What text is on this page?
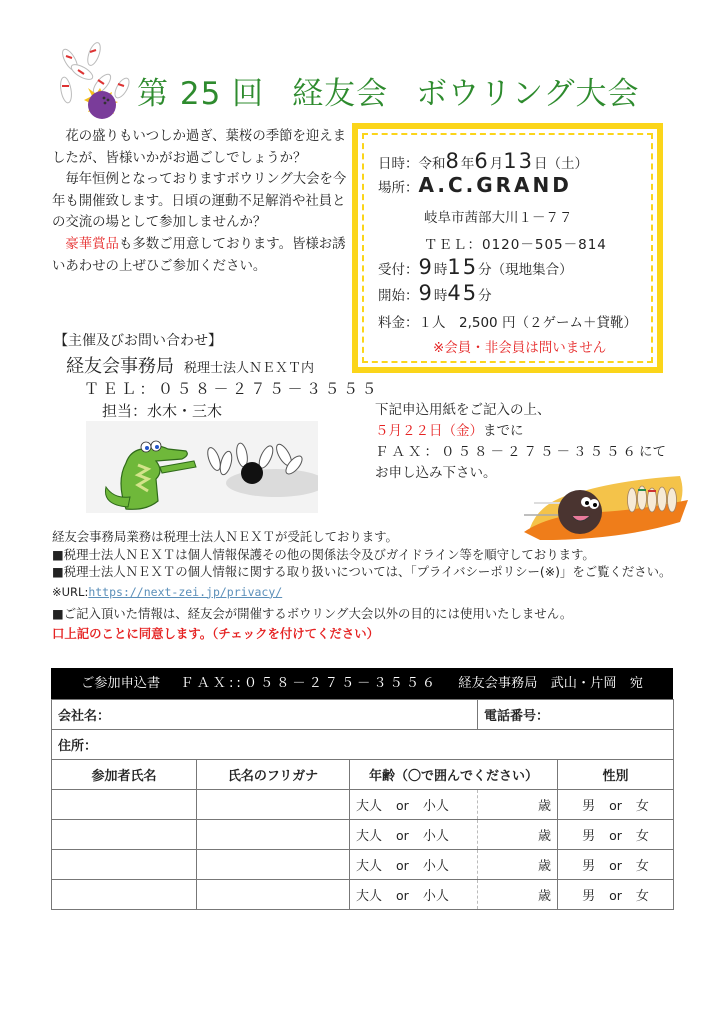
第 25 回 経友会 ボウリング大会

花の盛りもいつしか過ぎ、葉桜の季節を迎えましたが、皆様いかがお過ごしでしょうか？

毎年恒例となっておりますボウリング大会を今年も開催致します。日頃の運動不足解消や社員との交流の場として参加しませんか？

豪華賞品も多数ご用意しております。皆様お誘いあわせの上ぜひご参加ください。

日時：令和8年6月13日（土）
場所：A.C.GRAND
岐阜市茜部大川１－７７
ＴＥＬ：0120－505－814
受付：9時15分（現地集合）
開始：9時45分
料金：１人　2,500 円（２ゲーム＋貸靴）
※会員・非会員は問いません
【主催及びお問い合わせ】
経友会事務局 税理士法人ＮＥＸＴ内
ＴＥＬ：０５８－２７５－３５５５
担当：水木・三木	下記申込用紙をご記入の上、
５月２２日（金）までに
ＦＡＸ：０５８－２７５－３５５６にて
お申し込み下さい。
経友会事務局業務は税理士法人ＮＥＸＴが受託しております。
■税理士法人ＮＥＸＴは個人情報保護その他の関係法令及びガイドライン等を順守しております。
■税理士法人ＮＥＸＴの個人情報に関する取り扱いについては、「プライバシーポリシー(※)」をご覧ください。
※URL:https://next-zei.jp/privacy/
■ご記入頂いた情報は、経友会が開催するボウリング大会以外の目的には使用いたしません。
口上記のことに同意します。（チェックを付けてください）
ご参加申込書 ＦＡＸ::０５８－２７５－３５５６ 経友会事務局　武山・片岡　宛
会社名：			電話番号：	
住所：				
参加者氏名	氏名のフリガナ	年齢（〇で囲んでください）		性別
		大人 or 小人	歳	男 or 女
		大人 or 小人	歳	男 or 女
		大人 or 小人	歳	男 or 女
		大人 or 小人	歳	男 or 女
